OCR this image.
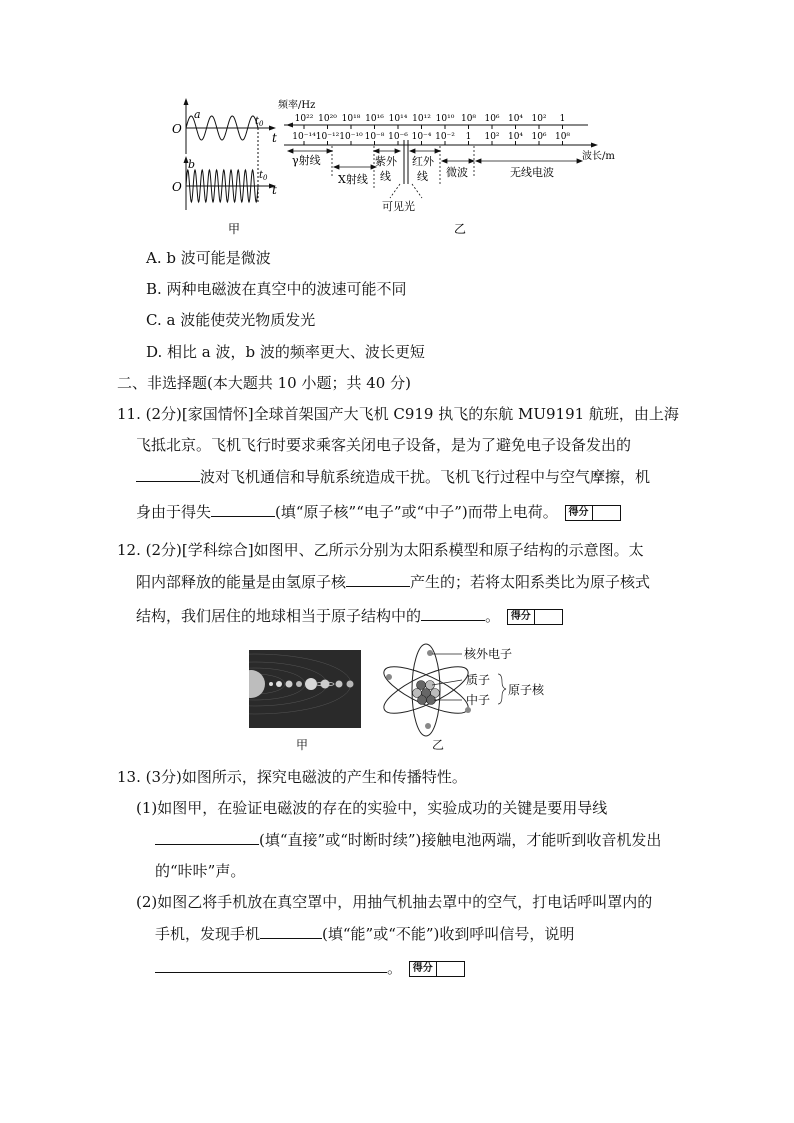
O
a
$t_0$
t
b
O
$t_0$
t
频率/Hz
10²² 10²⁰ 10¹⁸ 10¹⁶ 10¹⁴ 10¹² 10¹⁰ 10⁸ 10⁶ 10⁴ 10² 1
10⁻¹⁴ 10⁻¹² 10⁻¹⁰ 10⁻⁸ 10⁻⁶ 10⁻⁴ 10⁻² 1 10² 10⁴ 10⁶ 10⁸
波长/m
γ射线
X射线
紫外
线
红外
线 微波	无线电波
可见光
甲	乙
A. b 波可能是微波
B. 两种电磁波在真空中的波速可能不同
C. a 波能使荧光物质发光
D. 相比 a 波，b 波的频率更大、波长更短
二、非选择题(本大题共 10 小题；共 40 分)
11. (2分)[家国情怀]全球首架国产大飞机 C919 执飞的东航 MU9191 航班，由上海
飞抵北京。飞机飞行时要求乘客关闭电子设备，是为了避免电子设备发出的
波对飞机通信和导航系统造成干扰。飞机飞行过程中与空气摩擦，机
身由于得失	(填“原子核”“电子”或“中子”)而带上电荷。	得分
12. (2分)[学科综合]如图甲、乙所示分别为太阳系模型和原子结构的示意图。太
阳内部释放的能量是由氢原子核	产生的；若将太阳系类比为原子核式
结构，我们居住的地球相当于原子结构中的	。	得分
甲
核外电子
质子
中子
原子核
乙
13. (3分)如图所示，探究电磁波的产生和传播特性。
(1)如图甲，在验证电磁波的存在的实验中，实验成功的关键是要用导线
(填“直接”或“时断时续”)接触电池两端，才能听到收音机发出
的“咔咔”声。
(2)如图乙将手机放在真空罩中，用抽气机抽去罩中的空气，打电话呼叫罩内的
手机，发现手机	(填“能”或“不能”)收到呼叫信号，说明
。	得分
